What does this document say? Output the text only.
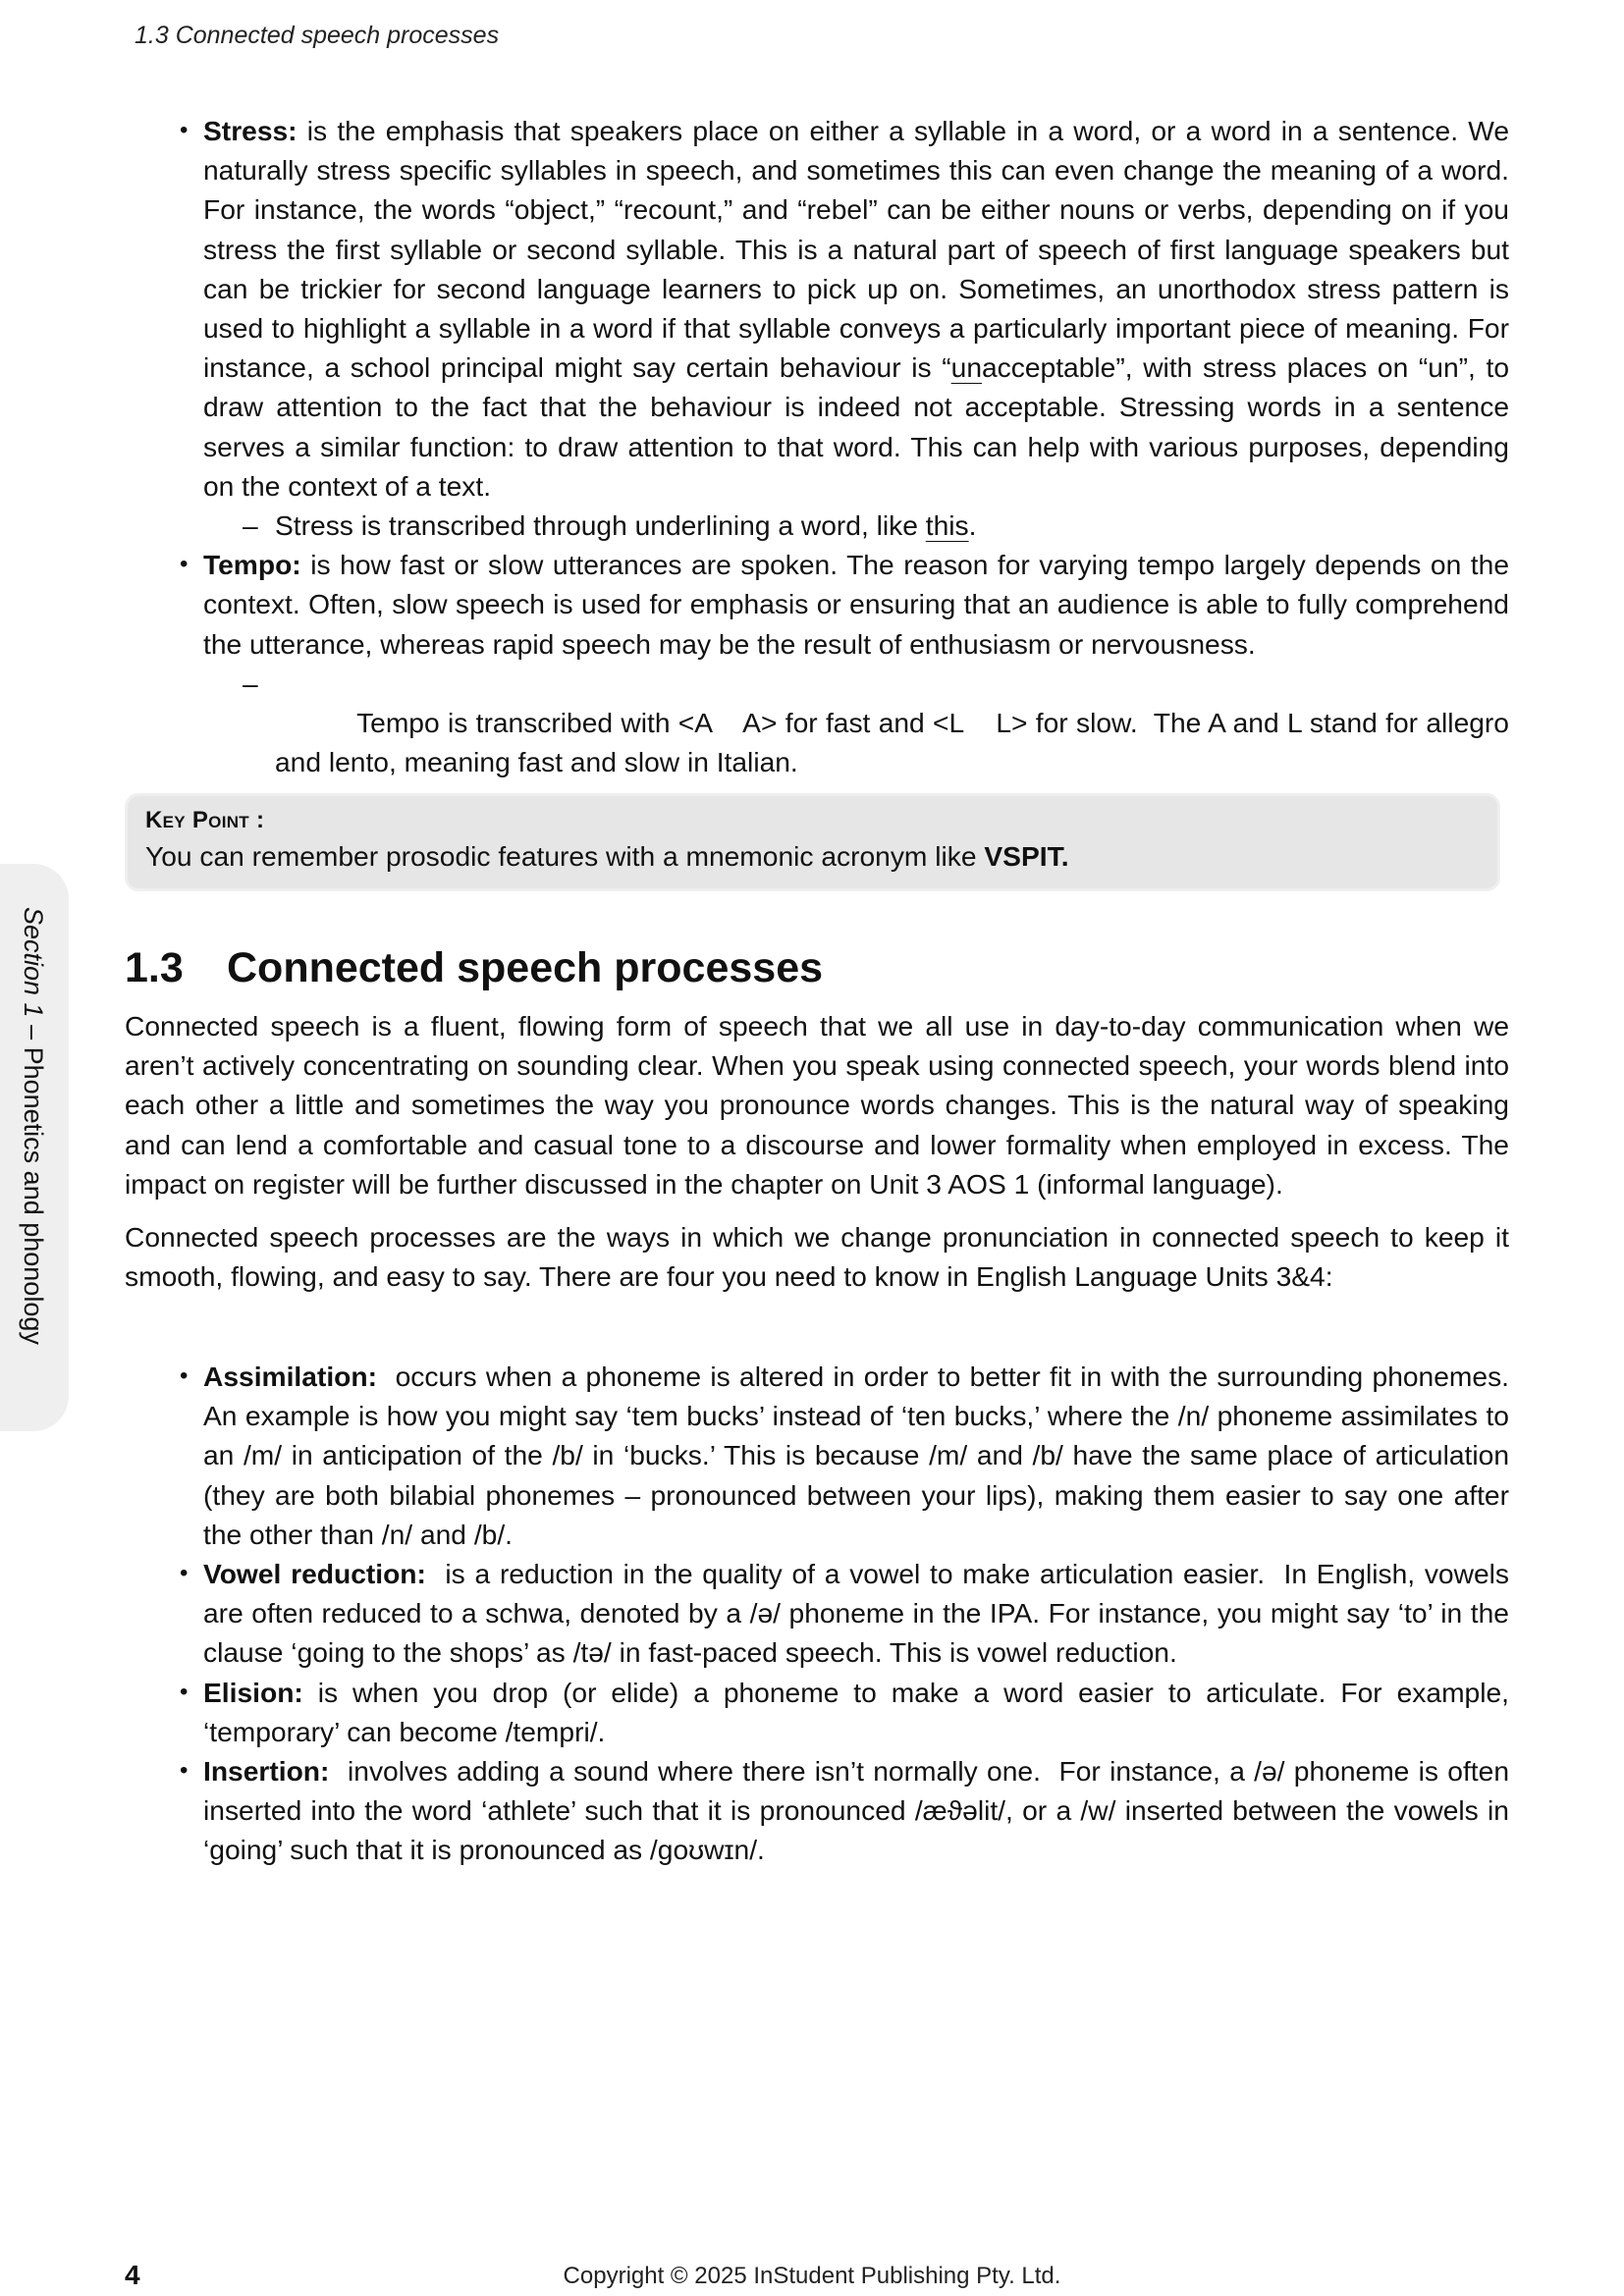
1.3 Connected speech processes
• Stress: is the emphasis that speakers place on either a syllable in a word, or a word in a sentence. We naturally stress specific syllables in speech, and sometimes this can even change the meaning of a word. For instance, the words “object,” “recount,” and “rebel” can be either nouns or verbs, depending on if you stress the first syllable or second syllable. This is a natural part of speech of first language speakers but can be trickier for second language learners to pick up on. Sometimes, an unorthodox stress pattern is used to highlight a syllable in a word if that syllable conveys a particularly important piece of meaning. For instance, a school principal might say certain behaviour is “unacceptable”, with stress places on “un”, to draw attention to the fact that the behaviour is indeed not acceptable. Stressing words in a sentence serves a similar function: to draw attention to that word. This can help with various purposes, depending on the context of a text.
– Stress is transcribed through underlining a word, like this.
• Tempo: is how fast or slow utterances are spoken. The reason for varying tempo largely depends on the context. Often, slow speech is used for emphasis or ensuring that an audience is able to fully comprehend the utterance, whereas rapid speech may be the result of enthusiasm or nervousness.

–
Tempo is transcribed with <A    A> for fast and <L    L> for slow.  The A and L stand for allegro and lento, meaning fast and slow in Italian.

Key Point :
You can remember prosodic features with a mnemonic acronym like VSPIT.
Section 1 – Phonetics and phonology
1.3 Connected speech processes

Connected speech is a fluent, flowing form of speech that we all use in day-to-day communication when we aren’t actively concentrating on sounding clear. When you speak using connected speech, your words blend into each other a little and sometimes the way you pronounce words changes. This is the natural way of speaking and can lend a comfortable and casual tone to a discourse and lower formality when employed in excess. The impact on register will be further discussed in the chapter on Unit 3 AOS 1 (informal language).

Connected speech processes are the ways in which we change pronunciation in connected speech to keep it smooth, flowing, and easy to say. There are four you need to know in English Language Units 3&4:

• Assimilation:  occurs when a phoneme is altered in order to better fit in with the surrounding phonemes.  An example is how you might say ‘tem bucks’ instead of ‘ten bucks,’ where the /n/ phoneme assimilates to an /m/ in anticipation of the /b/ in ‘bucks.’ This is because /m/ and /b/ have the same place of articulation (they are both bilabial phonemes – pronounced between your lips), making them easier to say one after the other than /n/ and /b/.
• Vowel reduction:  is a reduction in the quality of a vowel to make articulation easier.  In English, vowels are often reduced to a schwa, denoted by a /ə/ phoneme in the IPA. For instance, you might say ‘to’ in the clause ‘going to the shops’ as /tə/ in fast-paced speech. This is vowel reduction.
• Elision: is when you drop (or elide) a phoneme to make a word easier to articulate. For example, ‘temporary’ can become /tempri/.
• Insertion:  involves adding a sound where there isn’t normally one.  For instance, a /ə/ phoneme is often inserted into the word ‘athlete’ such that it is pronounced /æϑəlit/, or a /w/ inserted between the vowels in ‘going’ such that it is pronounced as /goʊwɪn/.
4	Copyright © 2025 InStudent Publishing Pty. Ltd.
